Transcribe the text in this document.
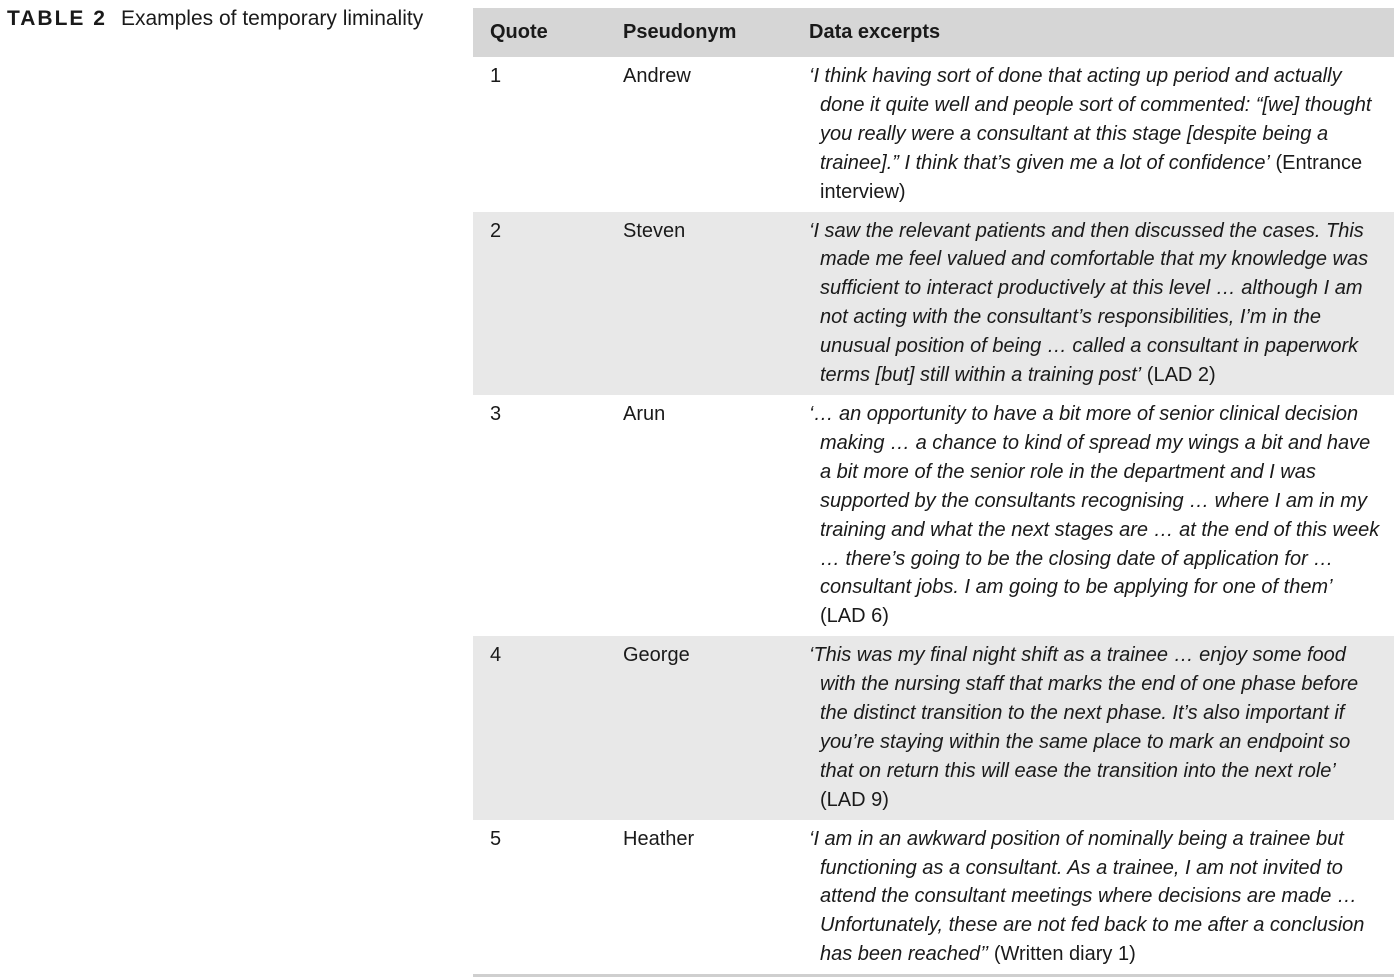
TABLE 2 Examples of temporary liminality
Quote	Pseudonym	Data excerpts
1	Andrew	‘I think having sort of done that acting up period and actually done it quite well and people sort of commented: “[we] thought you really were a consultant at this stage [despite being a trainee].” I think that’s given me a lot of confidence’ (Entrance interview)
2	Steven	‘I saw the relevant patients and then discussed the cases. This made me feel valued and comfortable that my knowledge was sufficient to interact productively at this level … although I am not acting with the consultant’s responsibilities, I’m in the unusual position of being … called a consultant in paperwork terms [but] still within a training post’ (LAD 2)
3	Arun	‘… an opportunity to have a bit more of senior clinical decision making … a chance to kind of spread my wings a bit and have a bit more of the senior role in the department and I was supported by the consultants recognising … where I am in my training and what the next stages are … at the end of this week … there’s going to be the closing date of application for … consultant jobs. I am going to be applying for one of them’ (LAD 6)
4	George	‘This was my final night shift as a trainee … enjoy some food with the nursing staff that marks the end of one phase before the distinct transition to the next phase. It’s also important if you’re staying within the same place to mark an endpoint so that on return this will ease the transition into the next role’ (LAD 9)
5	Heather	‘I am in an awkward position of nominally being a trainee but functioning as a consultant. As a trainee, I am not invited to attend the consultant meetings where decisions are made … Unfortunately, these are not fed back to me after a conclusion has been reached’’ (Written diary 1)
